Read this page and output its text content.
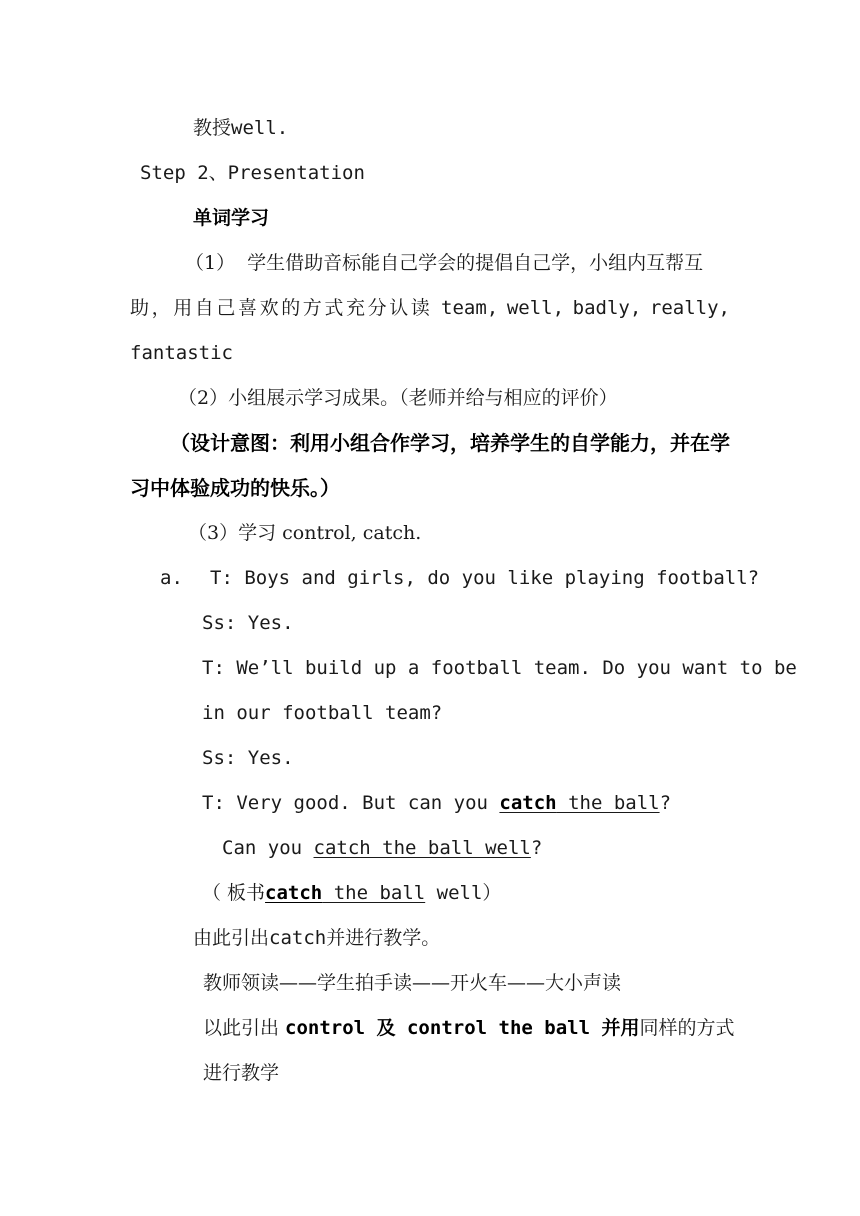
教授well.
Step 2、Presentation
单词学习
（1） 学生借助音标能自己学会的提倡自己学，小组内互帮互
助，用自己喜欢的方式充分认读 team, well, badly, really,
fantastic
（2）小组展示学习成果。（老师并给与相应的评价）
（设计意图：利用小组合作学习，培养学生的自学能力，并在学
习中体验成功的快乐。）
（3）学习 control, catch.
a. T: Boys and girls, do you like playing football?
Ss: Yes.
T: We’ll build up a football team. Do you want to be
in our football team?
Ss: Yes.
T: Very good. But can you catch the ball?
Can you catch the ball well?
（ 板书catch the ball well）
由此引出catch并进行教学。
教师领读——学生拍手读——开火车——大小声读
以此引出 control 及 control the ball 并用同样的方式
进行教学
